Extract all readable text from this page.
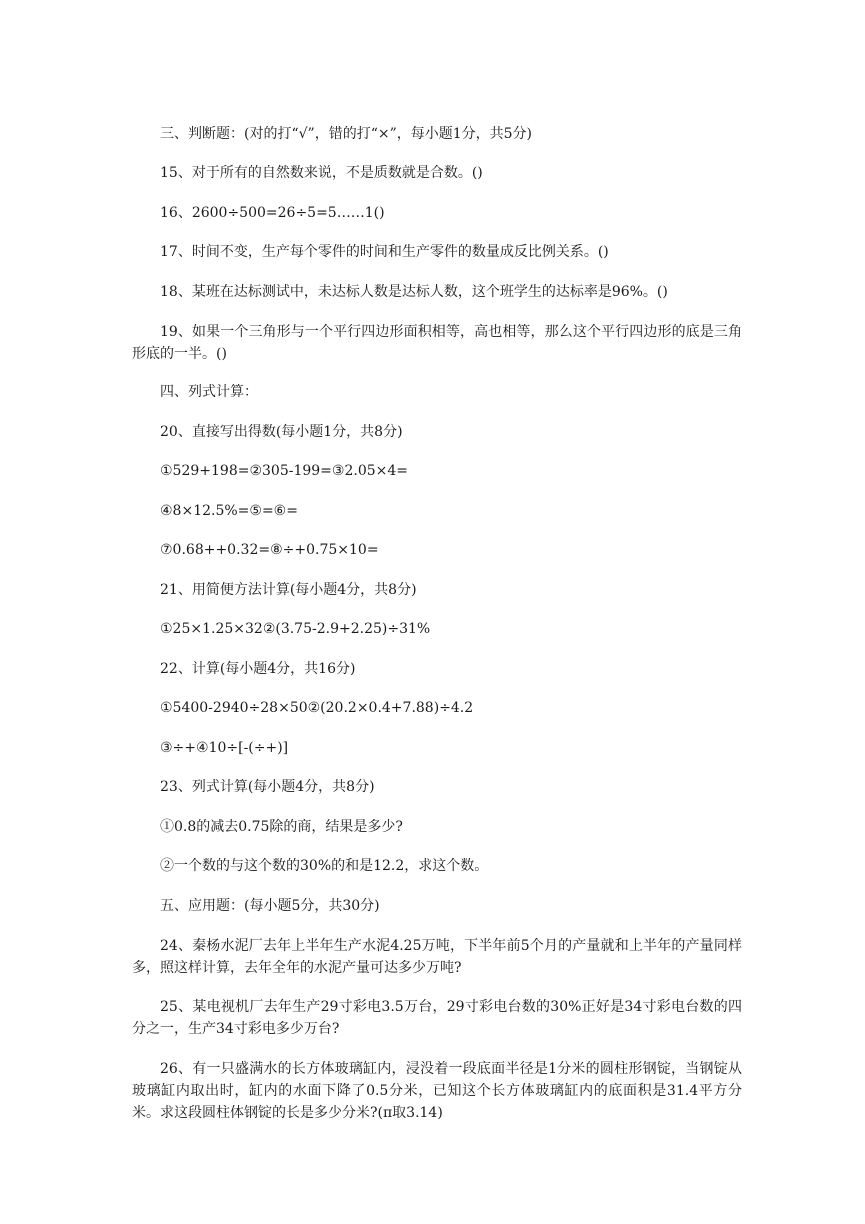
三、判断题：(对的打“√”，错的打“×”，每小题1分，共5分)

15、对于所有的自然数来说，不是质数就是合数。()

16、2600÷500=26÷5=5……1()

17、时间不变，生产每个零件的时间和生产零件的数量成反比例关系。()

18、某班在达标测试中，未达标人数是达标人数，这个班学生的达标率是96%。()

19、如果一个三角形与一个平行四边形面积相等，高也相等，那么这个平行四边形的底是三角形底的一半。()

四、列式计算：

20、直接写出得数(每小题1分，共8分)

①529+198=②305-199=③2.05×4=

④8×12.5%=⑤=⑥=

⑦0.68++0.32=⑧÷+0.75×10=

21、用简便方法计算(每小题4分，共8分)

①25×1.25×32②(3.75-2.9+2.25)÷31%

22、计算(每小题4分，共16分)

①5400-2940÷28×50②(20.2×0.4+7.88)÷4.2

③÷+④10÷[-(÷+)]

23、列式计算(每小题4分，共8分)

①0.8的减去0.75除的商，结果是多少?

②一个数的与这个数的30%的和是12.2，求这个数。

五、应用题：(每小题5分，共30分)

24、秦杨水泥厂去年上半年生产水泥4.25万吨，下半年前5个月的产量就和上半年的产量同样多，照这样计算，去年全年的水泥产量可达多少万吨?

25、某电视机厂去年生产29寸彩电3.5万台，29寸彩电台数的30%正好是34寸彩电台数的四分之一，生产34寸彩电多少万台?

26、有一只盛满水的长方体玻璃缸内，浸没着一段底面半径是1分米的圆柱形钢锭，当钢锭从玻璃缸内取出时，缸内的水面下降了0.5分米，已知这个长方体玻璃缸内的底面积是31.4平方分米。求这段圆柱体钢锭的长是多少分米?(π取3.14)
